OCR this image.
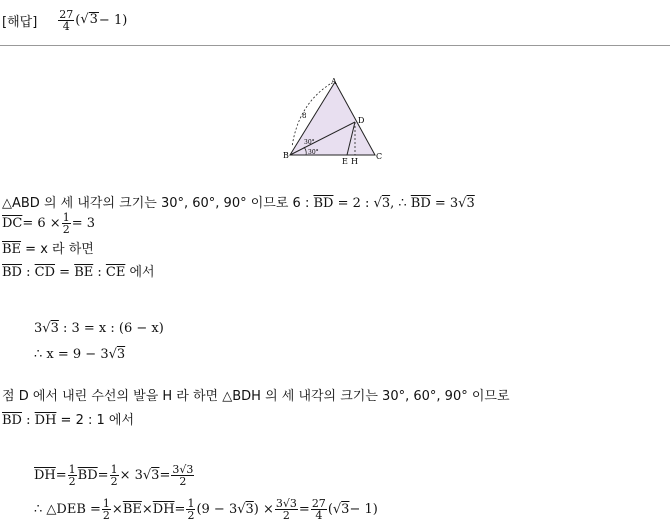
[해답] $\frac{27}{4}$ ( √3 − 1)
A
B	C
D
E H
8
30°
30°
△ABD 의 세 내각의 크기는 30°, 60°, 90° 이므로 6 : $\overline{BD} = 2$ : √3, ∴ $\overline{BD} = 3√3$
$\overline{DC} = 6 \times \frac{1}{2} = 3$
$\overline{BE} = x$ 라 하면
$\overline{BD}$ : $\overline{CD} = \overline{BE}$ : $\overline{CE}$ 에서
3√3 : 3 = x : (6 − x)
∴ x = 9 − 3√3
점 D 에서 내린 수선의 발을 H 라 하면 △BDH 의 세 내각의 크기는 30°, 60°, 90° 이므로
$\overline{BD}$ : $\overline{DH} = 2$ : 1 에서
$\overline{DH} = \frac{1}{2} \overline{BD} = \frac{1}{2} \times 3√$ $3 = \frac{3√3}{2}$
∴ △DEB = $\frac{1}{2} \times \overline{BE} \times \overline{DH} = \frac{1}{2} (9 - 3√$ 3 ) × $\frac{3√3}{2} = \frac{27}{4}$ (√ 3 − 1)
